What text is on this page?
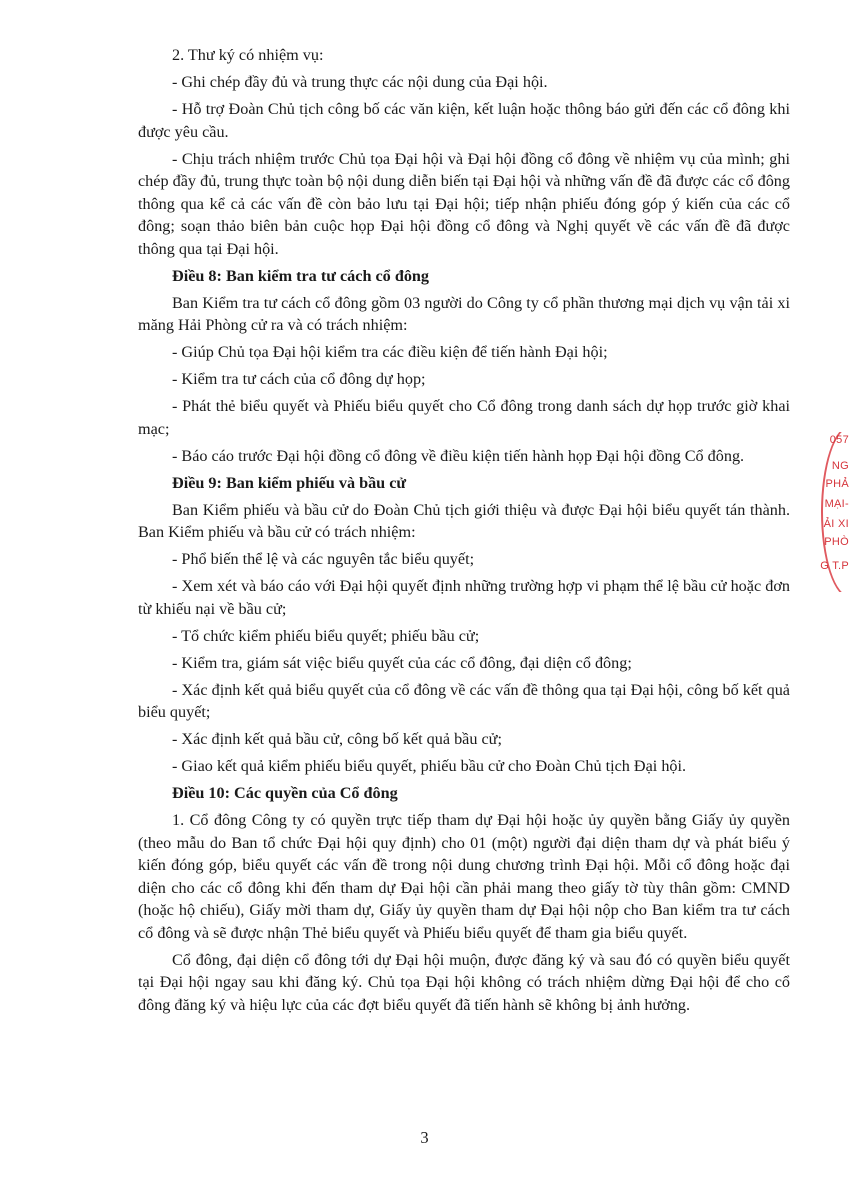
2. Thư ký có nhiệm vụ:

- Ghi chép đầy đủ và trung thực các nội dung của Đại hội.

- Hỗ trợ Đoàn Chủ tịch công bố các văn kiện, kết luận hoặc thông báo gửi đến các cổ đông khi được yêu cầu.

- Chịu trách nhiệm trước Chủ tọa Đại hội và Đại hội đồng cổ đông về nhiệm vụ của mình; ghi chép đầy đủ, trung thực toàn bộ nội dung diễn biến tại Đại hội và những vấn đề đã được các cổ đông thông qua kể cả các vấn đề còn bảo lưu tại Đại hội; tiếp nhận phiếu đóng góp ý kiến của các cổ đông; soạn thảo biên bản cuộc họp Đại hội đồng cổ đông và Nghị quyết về các vấn đề đã được thông qua tại Đại hội.

Điều 8: Ban kiểm tra tư cách cổ đông

Ban Kiểm tra tư cách cổ đông gồm 03 người do Công ty cổ phần thương mại dịch vụ vận tải xi măng Hải Phòng cử ra và có trách nhiệm:

- Giúp Chủ tọa Đại hội kiểm tra các điều kiện để tiến hành Đại hội;

- Kiểm tra tư cách của cổ đông dự họp;

- Phát thẻ biểu quyết và Phiếu biểu quyết cho Cổ đông trong danh sách dự họp trước giờ khai mạc;

- Báo cáo trước Đại hội đồng cổ đông về điều kiện tiến hành họp Đại hội đồng Cổ đông.

Điều 9: Ban kiểm phiếu và bầu cử

Ban Kiểm phiếu và bầu cử do Đoàn Chủ tịch giới thiệu và được Đại hội biểu quyết tán thành. Ban Kiểm phiếu và bầu cử có trách nhiệm:

- Phổ biến thể lệ và các nguyên tắc biểu quyết;

- Xem xét và báo cáo với Đại hội quyết định những trường hợp vi phạm thể lệ bầu cử hoặc đơn từ khiếu nại về bầu cử;

- Tổ chức kiểm phiếu biểu quyết; phiếu bầu cử;

- Kiểm tra, giám sát việc biểu quyết của các cổ đông, đại diện cổ đông;

- Xác định kết quả biểu quyết của cổ đông về các vấn đề thông qua tại Đại hội, công bố kết quả biểu quyết;

- Xác định kết quả bầu cử, công bố kết quả bầu cử;

- Giao kết quả kiểm phiếu biểu quyết, phiếu bầu cử cho Đoàn Chủ tịch Đại hội.

Điều 10: Các quyền của Cổ đông

1. Cổ đông Công ty có quyền trực tiếp tham dự Đại hội hoặc ủy quyền bằng Giấy ủy quyền (theo mẫu do Ban tổ chức Đại hội quy định) cho 01 (một) người đại diện tham dự và phát biểu ý kiến đóng góp, biểu quyết các vấn đề trong nội dung chương trình Đại hội. Mỗi cổ đông hoặc đại diện cho các cổ đông khi đến tham dự Đại hội cần phải mang theo giấy tờ tùy thân gồm: CMND (hoặc hộ chiếu), Giấy mời tham dự, Giấy ủy quyền tham dự Đại hội nộp cho Ban kiểm tra tư cách cổ đông và sẽ được nhận Thẻ biểu quyết và Phiếu biểu quyết để tham gia biểu quyết.

Cổ đông, đại diện cổ đông tới dự Đại hội muộn, được đăng ký và sau đó có quyền biểu quyết tại Đại hội ngay sau khi đăng ký. Chủ tọa Đại hội không có trách nhiệm dừng Đại hội để cho cổ đông đăng ký và hiệu lực của các đợt biểu quyết đã tiến hành sẽ không bị ảnh hưởng.

3
057
NG
PHẢ
MẠI-
ẢI XI
PHÒ
G T.P
